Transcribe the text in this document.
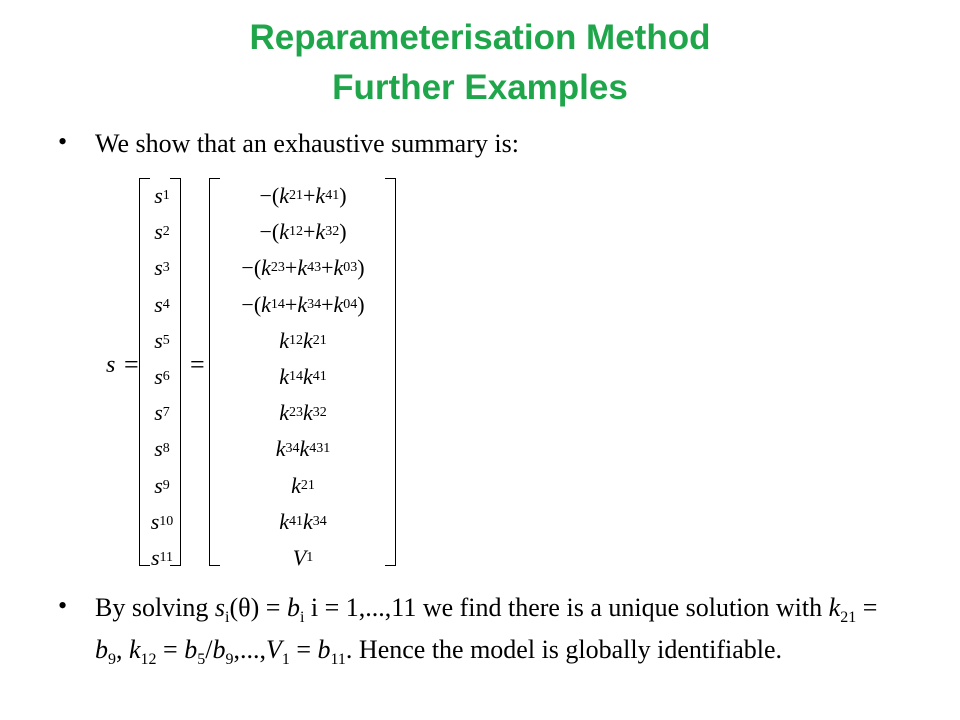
Reparameterisation Method
Further Examples
• We show that an exhaustive summary is:
s =
s 1
s 2
s 3
s 4
s 5
s 6
s 7
s 8
s 9
s 10
s 11
=
−( k 21 + k 41 )
−( k 12 + k 32 )
−( k 23 + k 43 + k 03 )
−( k 14 + k 34 + k 04 )
k 12 k 21
k 14 k 41
k 23 k 32
k 34 k 431
k 21
k 41 k 34
V 1
• By solving $s_i(\theta) = b_i$ i = 1,...,11 we find there is a unique solution with $k_{21} = b_9$, $k_{12} = b_5/b_9,...,V_1 = b_{11}$. Hence the model is globally identifiable.
